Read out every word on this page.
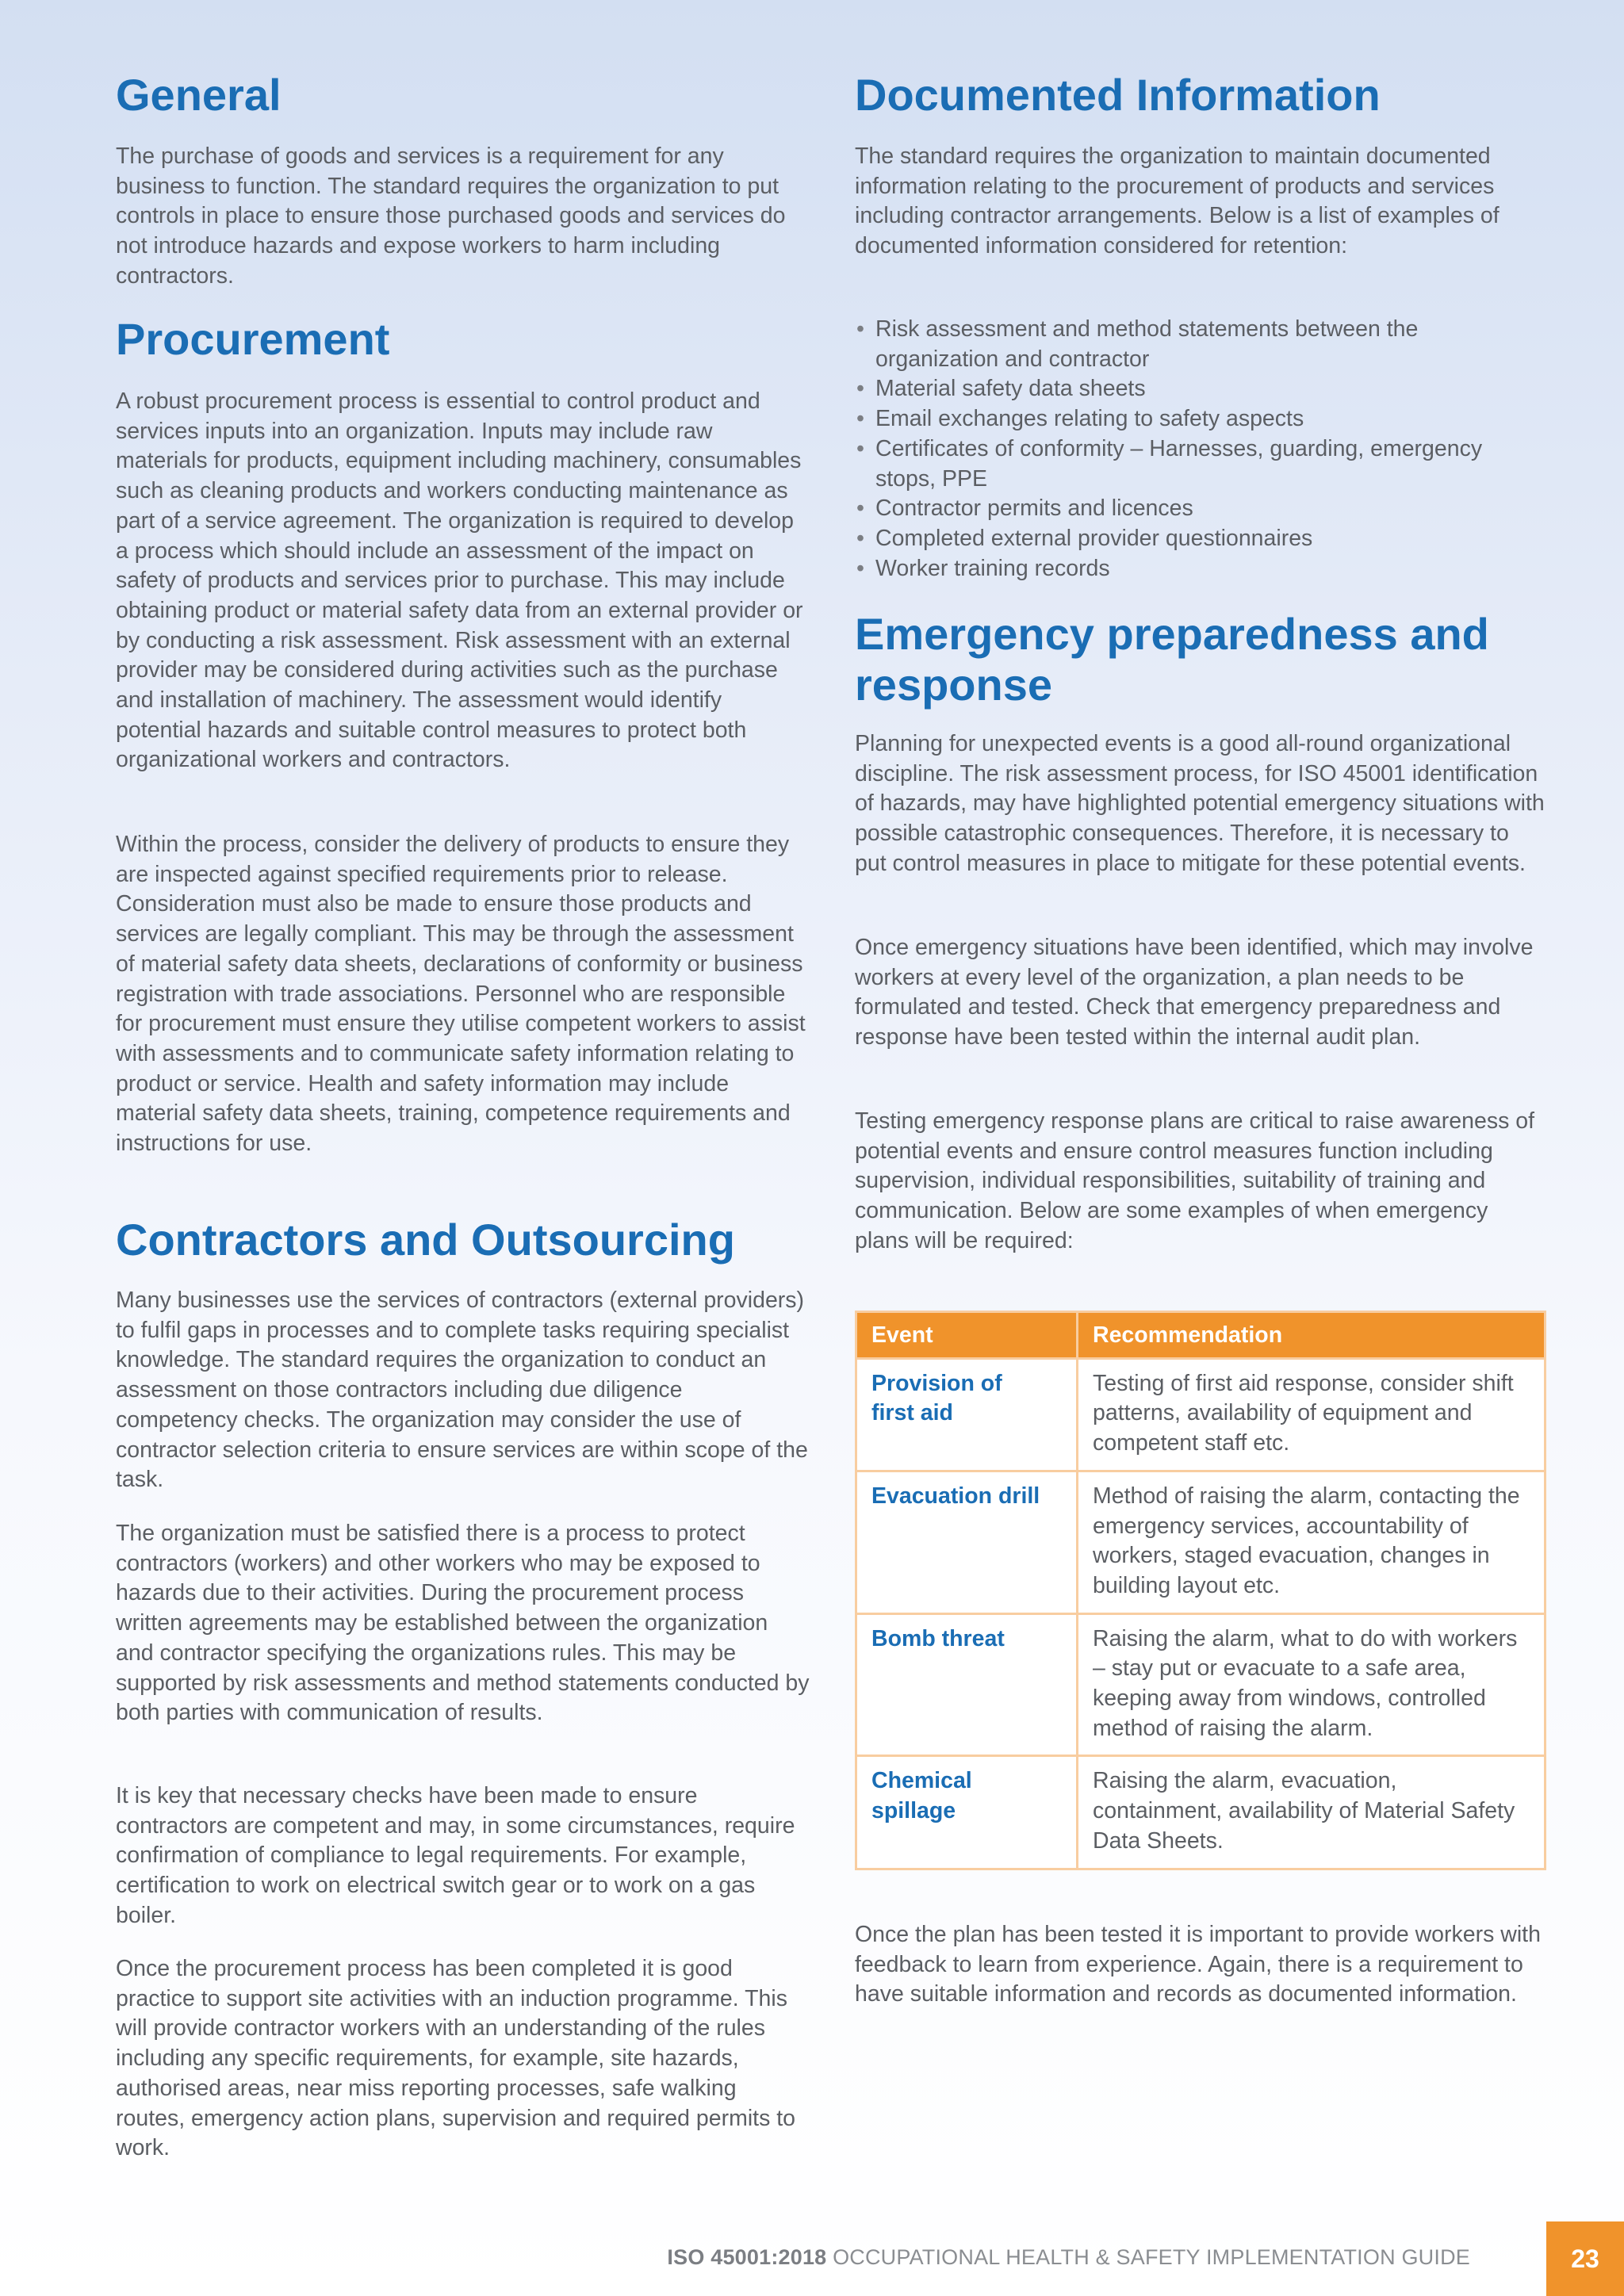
General

The purchase of goods and services is a requirement for any business to function. The standard requires the organization to put controls in place to ensure those purchased goods and services do not introduce hazards and expose workers to harm including contractors.

Procurement

A robust procurement process is essential to control product and services inputs into an organization. Inputs may include raw materials for products, equipment including machinery, consumables such as cleaning products and workers conducting maintenance as part of a service agreement. The organization is required to develop a process which should include an assessment of the impact on safety of products and services prior to purchase. This may include obtaining product or material safety data from an external provider or by conducting a risk assessment. Risk assessment with an external provider may be considered during activities such as the purchase and installation of machinery. The assessment would identify potential hazards and suitable control measures to protect both organizational workers and contractors.

Within the process, consider the delivery of products to ensure they are inspected against specified requirements prior to release. Consideration must also be made to ensure those products and services are legally compliant. This may be through the assessment of material safety data sheets, declarations of conformity or business registration with trade associations. Personnel who are responsible for procurement must ensure they utilise competent workers to assist with assessments and to communicate safety information relating to product or service. Health and safety information may include material safety data sheets, training, competence requirements and instructions for use.

Contractors and Outsourcing

Many businesses use the services of contractors (external providers) to fulfil gaps in processes and to complete tasks requiring specialist knowledge. The standard requires the organization to conduct an assessment on those contractors including due diligence competency checks. The organization may consider the use of contractor selection criteria to ensure services are within scope of the task.

The organization must be satisfied there is a process to protect contractors (workers) and other workers who may be exposed to hazards due to their activities. During the procurement process written agreements may be established between the organization and contractor specifying the organizations rules. This may be supported by risk assessments and method statements conducted by both parties with communication of results.

It is key that necessary checks have been made to ensure contractors are competent and may, in some circumstances, require confirmation of compliance to legal requirements. For example, certification to work on electrical switch gear or to work on a gas boiler.

Once the procurement process has been completed it is good practice to support site activities with an induction programme. This will provide contractor workers with an understanding of the rules including any specific requirements, for example, site hazards, authorised areas, near miss reporting processes, safe walking routes, emergency action plans, supervision and required permits to work.

Documented Information

The standard requires the organization to maintain documented information relating to the procurement of products and services including contractor arrangements. Below is a list of examples of documented information considered for retention:

• Risk assessment and method statements between the organization and contractor
• Material safety data sheets
• Email exchanges relating to safety aspects
• Certificates of conformity – Harnesses, guarding, emergency stops, PPE
• Contractor permits and licences
• Completed external provider questionnaires
• Worker training records
Emergency preparedness and
response

Planning for unexpected events is a good all-round organizational discipline. The risk assessment process, for ISO 45001 identification of hazards, may have highlighted potential emergency situations with possible catastrophic consequences. Therefore, it is necessary to put control measures in place to mitigate for these potential events.

Once emergency situations have been identified, which may involve workers at every level of the organization, a plan needs to be formulated and tested. Check that emergency preparedness and response have been tested within the internal audit plan.

Testing emergency response plans are critical to raise awareness of potential events and ensure control measures function including supervision, individual responsibilities, suitability of training and communication. Below are some examples of when emergency plans will be required:

Event	Recommendation
Provision of
first aid	Testing of first aid response, consider shift patterns, availability of equipment and competent staff etc.
Evacuation drill	Method of raising the alarm, contacting the emergency services, accountability of workers, staged evacuation, changes in building layout etc.
Bomb threat	Raising the alarm, what to do with workers – stay put or evacuate to a safe area, keeping away from windows, controlled method of raising the alarm.
Chemical
spillage	Raising the alarm, evacuation, containment, availability of Material Safety Data Sheets.

Once the plan has been tested it is important to provide workers with feedback to learn from experience. Again, there is a requirement to have suitable information and records as documented information.

ISO 45001:2018 OCCUPATIONAL HEALTH & SAFETY IMPLEMENTATION GUIDE	23
